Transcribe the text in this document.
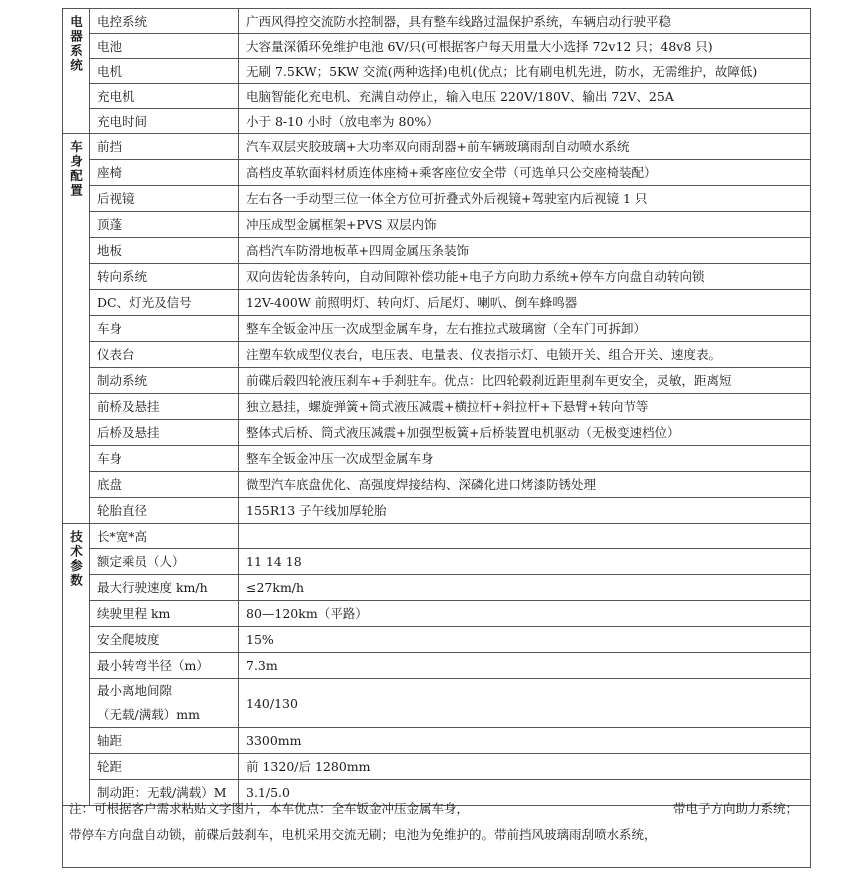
电器系统	电控系统	广西风得控交流防水控制器，具有整车线路过温保护系统，车辆启动行驶平稳
	电池	大容量深循环免维护电池 6V/只(可根据客户每天用量大小选择 72v12 只；48v8 只)
	电机	无刷 7.5KW；5KW 交流(两种选择)电机(优点；比有刷电机先进，防水，无需维护，故障低)
	充电机	电脑智能化充电机、充满自动停止，输入电压 220V/180V、输出 72V、25A
	充电时间	小于 8-10 小时（放电率为 80%）
车身配置	前挡	汽车双层夹胶玻璃+大功率双向雨刮器+前车辆玻璃雨刮自动喷水系统
	座椅	高档皮革软面料材质连体座椅+乘客座位安全带（可选单只公交座椅装配）
	后视镜	左右各一手动型三位一体全方位可折叠式外后视镜+驾驶室内后视镜 1 只
	顶蓬	冲压成型金属框架+PVS 双层内饰
	地板	高档汽车防滑地板革+四周金属压条装饰
	转向系统	双向齿轮齿条转向，自动间隙补偿功能+电子方向助力系统+停车方向盘自动转向锁
	DC、灯光及信号	12V-400W 前照明灯、转向灯、后尾灯、喇叭、倒车蜂鸣器
	车身	整车全钣金冲压一次成型金属车身，左右推拉式玻璃窗（全车门可拆卸）
	仪表台	注塑车软成型仪表台，电压表、电量表、仪表指示灯、电锁开关、组合开关、速度表。
	制动系统	前碟后毂四轮液压刹车+手刹驻车。优点：比四轮毂刹近距里刹车更安全，灵敏，距离短
	前桥及悬挂	独立悬挂，螺旋弹簧+筒式液压减震+横拉杆+斜拉杆+下悬臂+转向节等
	后桥及悬挂	整体式后桥、筒式液压减震+加强型板簧+后桥装置电机驱动（无极变速档位）
	车身	整车全钣金冲压一次成型金属车身
	底盘	微型汽车底盘优化、高强度焊接结构、深磷化进口烤漆防锈处理
	轮胎直径	155R13 子午线加厚轮胎
技术参数	长*宽*高	
	额定乘员（人）	11 14 18
	最大行驶速度 km/h	≤27km/h
	续驶里程 km	80—120km（平路）
	安全爬坡度	15%
	最小转弯半径（m）	7.3m

	最小离地间隙
（无载/满载）mm	140/130
	轴距	3300mm
	轮距	前 1320/后 1280mm
	制动距：无载/满载）M	3.1/5.0
注：可根据客户需求粘贴文字图片，本车优点：全车钣金冲压金属车身，	带电子方向助力系统；
带停车方向盘自动锁，前碟后鼓刹车，电机采用交流无刷；电池为免维护的。带前挡风玻璃雨刮喷水系统，
